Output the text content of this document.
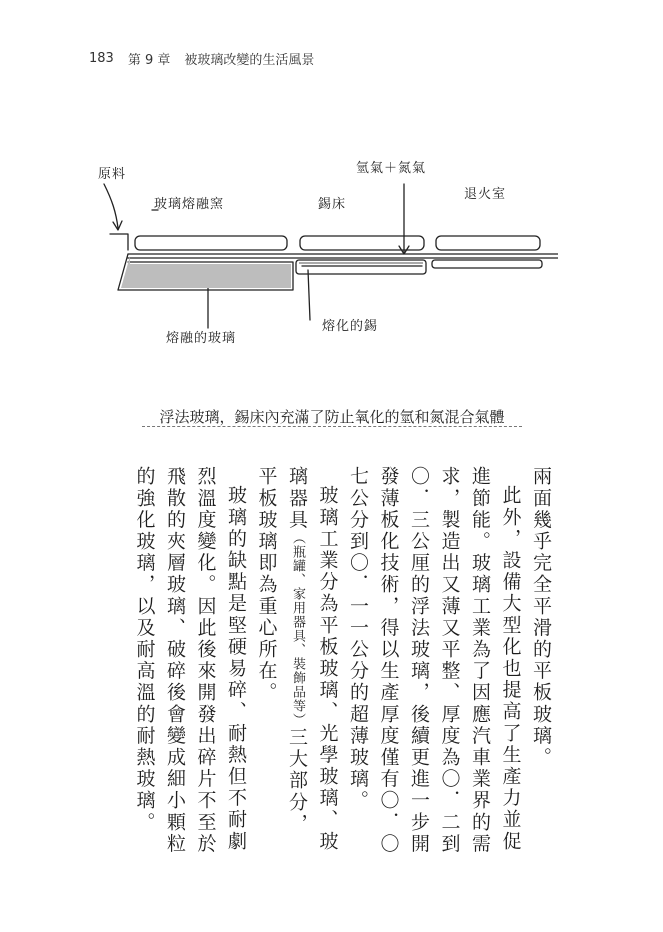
183 第 9 章 被玻璃改變的生活風景
原料
玻璃熔融窯	錫床
氫氣＋氮氣
退火室
熔融的玻璃
熔化的錫
浮法玻璃，錫床內充滿了防止氧化的氫和氮混合氣體

兩面幾乎完全平滑的平板玻璃。

此外，設備大型化也提高了生產力並促進節能。玻璃工業為了因應汽車業界的需求，製造出又薄又平整、厚度為〇．二到〇．三公厘的浮法玻璃，後續更進一步開發薄板化技術，得以生產厚度僅有〇．〇七公分到〇．一一公分的超薄玻璃。

玻璃工業分為平板玻璃、光學玻璃、玻璃器具（瓶罐、家用器具、裝飾品等）三大部分，平板玻璃即為重心所在。

玻璃的缺點是堅硬易碎、耐熱但不耐劇烈溫度變化。因此後來開發出碎片不至於飛散的夾層玻璃、破碎後會變成細小顆粒的強化玻璃，以及耐高溫的耐熱玻璃。
